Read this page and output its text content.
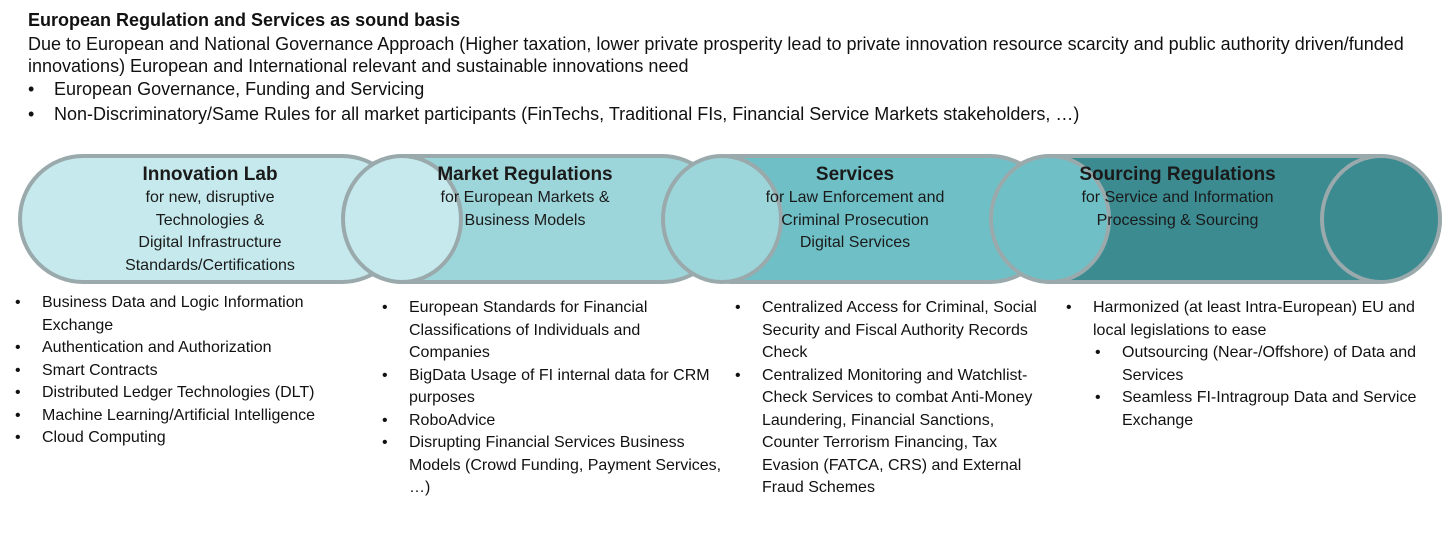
European Regulation and Services as sound basis
Due to European and National Governance Approach (Higher taxation, lower private prosperity lead to private innovation resource scarcity and public authority driven/funded innovations) European and International relevant and sustainable innovations need
• European Governance, Funding and Servicing
• Non-Discriminatory/Same Rules for all market participants (FinTechs, Traditional FIs, Financial Service Markets stakeholders, …)
Innovation Lab
for new, disruptive
Technologies &
Digital Infrastructure
Standards/Certifications
Market Regulations
for European Markets &
Business Models
Services
for Law Enforcement and
Criminal Prosecution
Digital Services
Sourcing Regulations
for Service and Information
Processing & Sourcing
• Business Data and Logic Information Exchange
• Authentication and Authorization
• Smart Contracts
• Distributed Ledger Technologies (DLT)
• Machine Learning/Artificial Intelligence
• Cloud Computing
• European Standards for Financial Classifications of Individuals and Companies
• BigData Usage of FI internal data for CRM purposes
• RoboAdvice
• Disrupting Financial Services Business Models (Crowd Funding, Payment Services, …)
• Centralized Access for Criminal, Social Security and Fiscal Authority Records Check
• Centralized Monitoring and Watchlist-Check Services to combat Anti-Money Laundering, Financial Sanctions, Counter Terrorism Financing, Tax Evasion (FATCA, CRS) and External Fraud Schemes
• Harmonized (at least Intra-European) EU and local legislations to ease
• Outsourcing (Near-/Offshore) of Data and Services
• Seamless FI-Intragroup Data and Service Exchange
